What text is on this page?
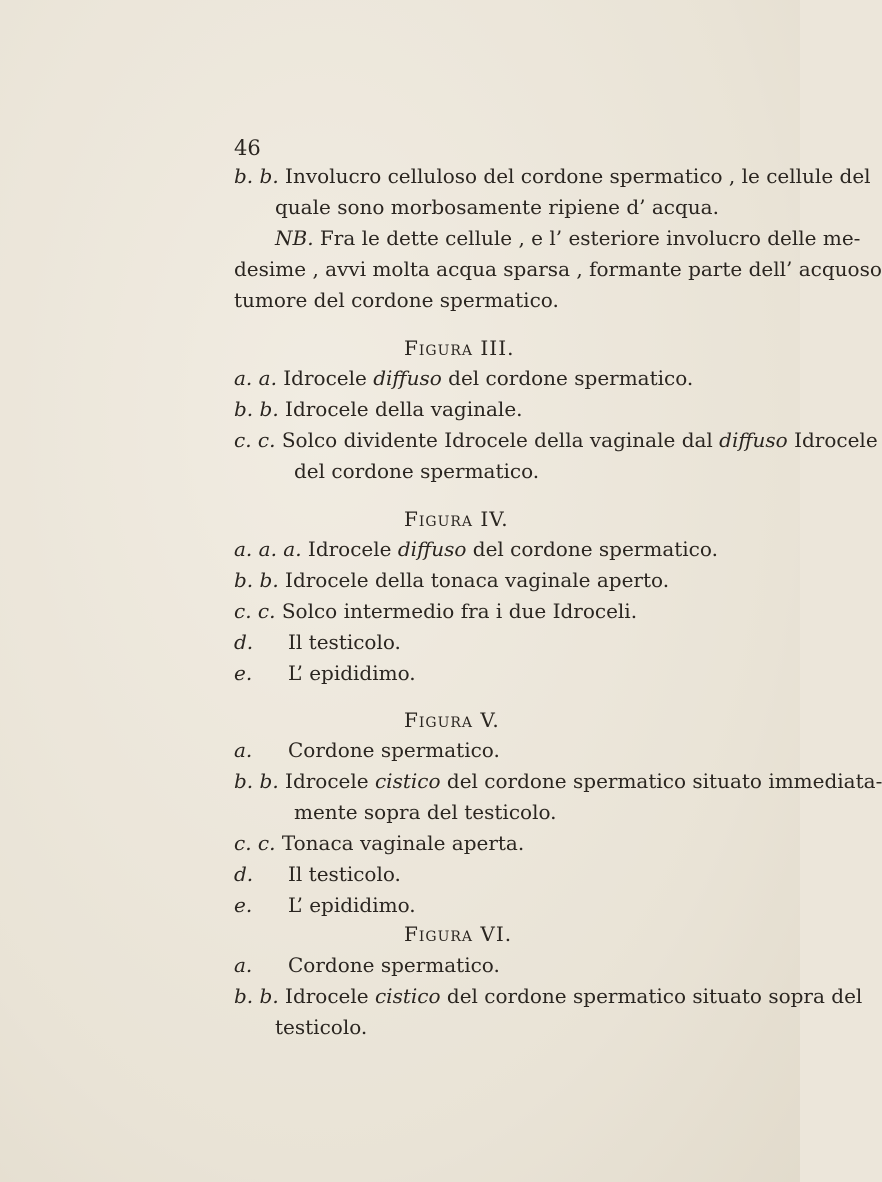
46
b. b. Involucro celluloso del cordone spermatico , le cellule del
quale sono morbosamente ripiene d’ acqua.
NB. Fra le dette cellule , e l’ esteriore involucro delle me-
desime , avvi molta acqua sparsa , formante parte dell’ acquoso
tumore del cordone spermatico.
Figura III.
a. a. Idrocele diffuso del cordone spermatico.
b. b. Idrocele della vaginale.
c. c. Solco dividente Idrocele della vaginale dal diffuso Idrocele
del cordone spermatico.
Figura IV.
a. a. a. Idrocele diffuso del cordone spermatico.
b. b. Idrocele della tonaca vaginale aperto.
c. c. Solco intermedio fra i due Idroceli.
d. Il testicolo.
e. L’ epididimo.
Figura V.
a. Cordone spermatico.
b. b. Idrocele cistico del cordone spermatico situato immediata-
mente sopra del testicolo.
c. c. Tonaca vaginale aperta.
d. Il testicolo.
e. L’ epididimo.
Figura VI.
a. Cordone spermatico.
b. b. Idrocele cistico del cordone spermatico situato sopra del
testicolo.
